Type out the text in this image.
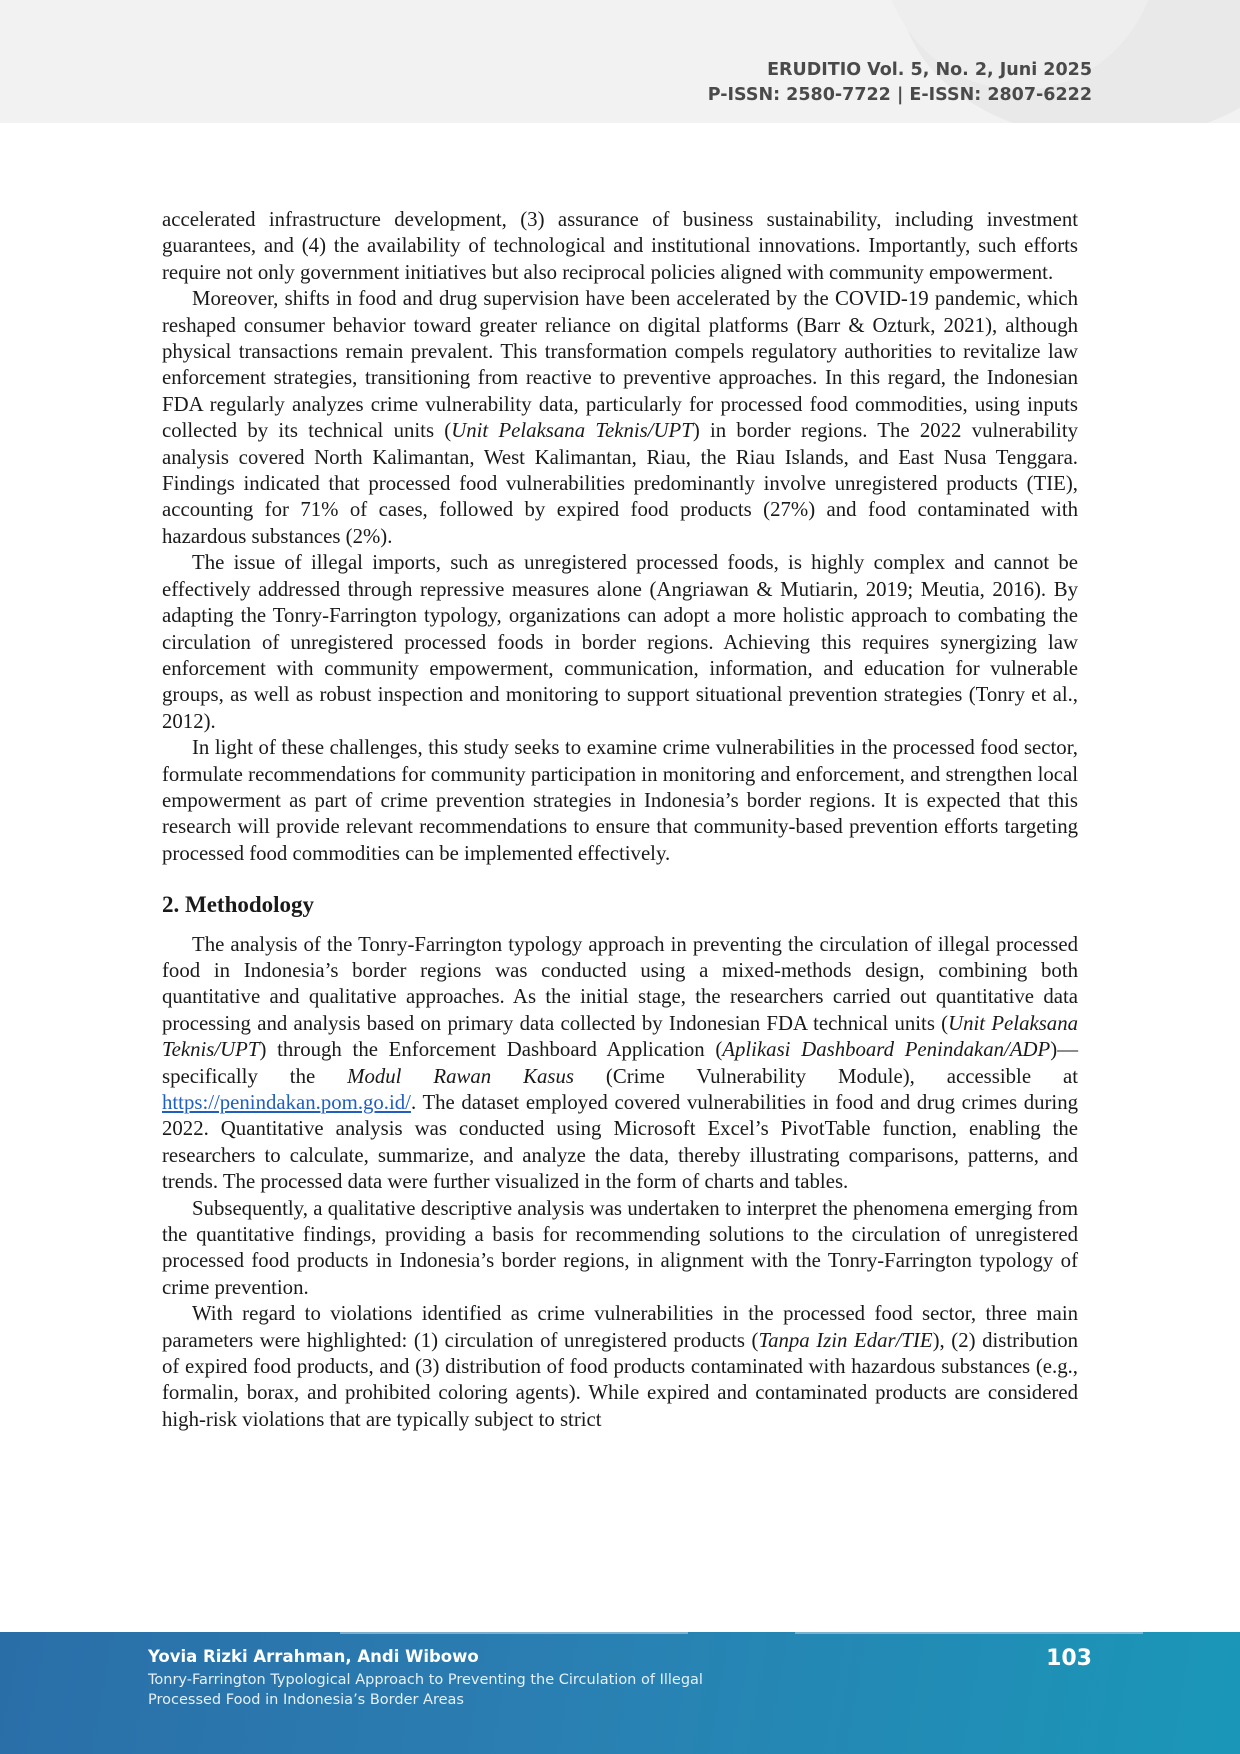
ERUDITIO Vol. 5, No. 2, Juni 2025
P-ISSN: 2580-7722 | E-ISSN: 2807-6222

accelerated infrastructure development, (3) assurance of business sustainability, including investment guarantees, and (4) the availability of technological and institutional innovations. Importantly, such efforts require not only government initiatives but also reciprocal policies aligned with community empowerment.

Moreover, shifts in food and drug supervision have been accelerated by the COVID-19 pandemic, which reshaped consumer behavior toward greater reliance on digital platforms (Barr & Ozturk, 2021), although physical transactions remain prevalent. This transformation compels regulatory authorities to revitalize law enforcement strategies, transitioning from reactive to preventive approaches. In this regard, the Indonesian FDA regularly analyzes crime vulnerability data, particularly for processed food commodities, using inputs collected by its technical units (Unit Pelaksana Teknis/UPT) in border regions. The 2022 vulnerability analysis covered North Kalimantan, West Kalimantan, Riau, the Riau Islands, and East Nusa Tenggara. Findings indicated that processed food vulnerabilities predominantly involve unregistered products (TIE), accounting for 71% of cases, followed by expired food products (27%) and food contaminated with hazardous substances (2%).

The issue of illegal imports, such as unregistered processed foods, is highly complex and cannot be effectively addressed through repressive measures alone (Angriawan & Mutiarin, 2019; Meutia, 2016). By adapting the Tonry-Farrington typology, organizations can adopt a more holistic approach to combating the circulation of unregistered processed foods in border regions. Achieving this requires synergizing law enforcement with community empowerment, communication, information, and education for vulnerable groups, as well as robust inspection and monitoring to support situational prevention strategies (Tonry et al., 2012).

In light of these challenges, this study seeks to examine crime vulnerabilities in the processed food sector, formulate recommendations for community participation in monitoring and enforcement, and strengthen local empowerment as part of crime prevention strategies in Indonesia’s border regions. It is expected that this research will provide relevant recommendations to ensure that community-based prevention efforts targeting processed food commodities can be implemented effectively.

2. Methodology

The analysis of the Tonry-Farrington typology approach in preventing the circulation of illegal processed food in Indonesia’s border regions was conducted using a mixed-methods design, combining both quantitative and qualitative approaches. As the initial stage, the researchers carried out quantitative data processing and analysis based on primary data collected by Indonesian FDA technical units (Unit Pelaksana Teknis/UPT) through the Enforcement Dashboard Application (Aplikasi Dashboard Penindakan/ADP)—specifically the Modul Rawan Kasus (Crime Vulnerability Module), accessible at https://penindakan.pom.go.id/. The dataset employed covered vulnerabilities in food and drug crimes during 2022. Quantitative analysis was conducted using Microsoft Excel’s PivotTable function, enabling the researchers to calculate, summarize, and analyze the data, thereby illustrating comparisons, patterns, and trends. The processed data were further visualized in the form of charts and tables.

Subsequently, a qualitative descriptive analysis was undertaken to interpret the phenomena emerging from the quantitative findings, providing a basis for recommending solutions to the circulation of unregistered processed food products in Indonesia’s border regions, in alignment with the Tonry-Farrington typology of crime prevention.

With regard to violations identified as crime vulnerabilities in the processed food sector, three main parameters were highlighted: (1) circulation of unregistered products (Tanpa Izin Edar/TIE), (2) distribution of expired food products, and (3) distribution of food products contaminated with hazardous substances (e.g., formalin, borax, and prohibited coloring agents). While expired and contaminated products are considered high-risk violations that are typically subject to strict

Yovia Rizki Arrahman, Andi Wibowo
Tonry-Farrington Typological Approach to Preventing the Circulation of Illegal
Processed Food in Indonesia’s Border Areas
103
